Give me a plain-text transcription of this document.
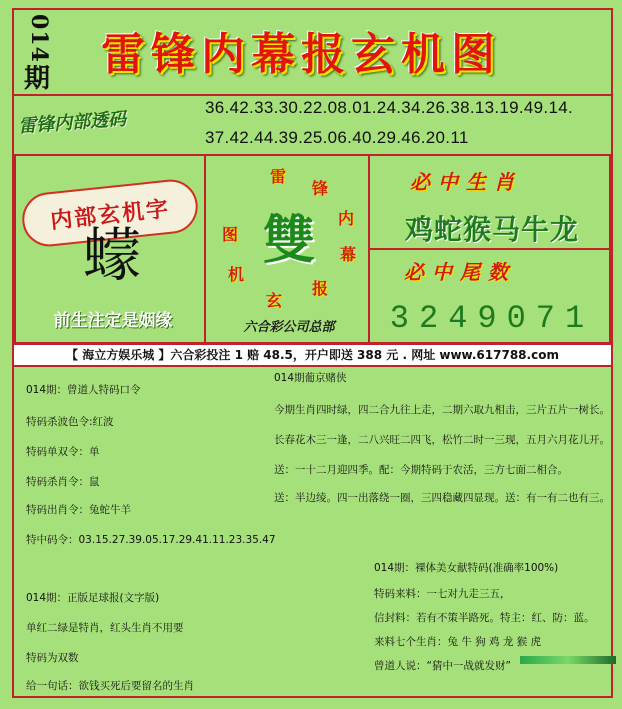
014
期	雷锋内幕报玄机图
雷锋内部透码
36.42.33.30.22.08.01.24.34.26.38.13.19.49.14.
37.42.44.39.25.06.40.29.46.20.11
内部玄机字
蠓
前生注定是姻缘
雷
锋
内
幕
报
玄
机
图 雙
六合彩公司总部
必中生肖
鸡蛇猴马牛龙
必中尾数
3249071
【 海立方娱乐城 】六合彩投注 1 赔 48.5，开户即送 388 元 . 网址 www.617788.com
014期：曾道人特码口令
特码杀波色令:红波
特码单双令：单
特码杀肖令：鼠
特码出肖令：兔蛇牛羊
特中码令：03.15.27.39.05.17.29.41.11.23.35.47
014期：正版足球报(文字版)
单红二绿是特肖，红头生肖不用要
特码为双数
给一句话：欲钱买死后要留名的生肖
014期葡京赌侠
今期生肖四时绿，四二合九往上走，二期六取九相击，三片五片一树长。
长春花木三一逢，二八兴旺二四飞，松竹二时一三现，五月六月花儿开。
送：一十二月迎四季。配：今期特码于农活，三方七面二相合。
送：半边绫。四一出落绕一圈，三四稳藏四显现。送：有一有二也有三。
014期：裸体美女献特码(准确率100%)
特码来料：一七对九走三五，
信封料：若有不策半路死。特主：红、防：蓝。
来料七个生肖：兔 牛 狗 鸡 龙 猴 虎
曾道人说：“猜中一战就发财”
